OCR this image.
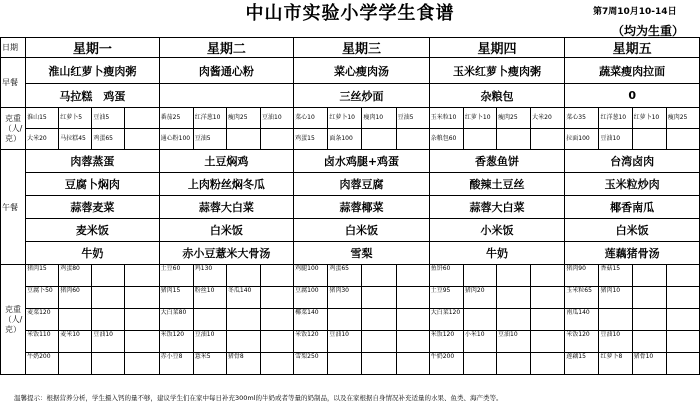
中山市实验小学学生食谱	第7周10月10-14日
（均为生重）
日期	星期一				星期二				星期三				星期四				星期五			
早餐	淮山红萝卜瘦肉粥				肉酱通心粉				菜心瘦肉汤				玉米红萝卜瘦肉粥				蔬菜瘦肉拉面			
	马拉糕　鸡蛋								三丝炒面				杂粮包				0			
克重（人/克）	淮山15	红萝卜5	豆油5		番茄25	红洋葱10	瘦肉25	豆油10	菜心10	红萝卜10	瘦肉10	豆油5	玉米粒10	红萝卜10	瘦肉25	大米20	菜心35	红洋葱10	红萝卜10	瘦肉25
	大米20	马拉糕45	鸡蛋65		通心粉100	豆油5			鸡蛋15	面条100			杂粮包60				拉面100	豆油10		
午餐	肉蓉蒸蛋				土豆焖鸡				卤水鸡腿+鸡蛋				香葱鱼饼				台湾卤肉			
	豆腐卜焖肉				上肉粉丝焖冬瓜				肉蓉豆腐				酸辣土豆丝				玉米粒炒肉			
	蒜蓉麦菜				蒜蓉大白菜				蒜蓉椰菜				蒜蓉大白菜				椰香南瓜			
	麦米饭				白米饭				白米饭				小米饭				白米饭			
	牛奶				赤小豆薏米大骨汤				雪梨				牛奶				莲藕猪骨汤			
克重（人/克）	猪肉15	鸡蛋80			土豆60	鸡130			鸡腿100	鸡蛋65			鱼饼60				猪肉90	香菇15		
	豆腐卜50	猪肉60			猪肉15	粉丝10	冬瓜140		豆腐100	猪肉30			土豆95	猪肉20			玉米粒65	猪肉10		
	麦菜120				大白菜80				椰菜140				大白菜120				南瓜140			
	米饭110	麦米10	豆油10		米饭120	豆油10			米饭120	豆油10			米饭120	小米10	豆油10		米饭120	豆油10		
	牛奶200				赤小豆8	薏米5	猪骨8		雪梨250				牛奶200				莲藕15	红萝卜8	猪骨10	
温馨提示：根据营养分析，学生摄入钙的量不够，建议学生们在家中每日补充300ml的牛奶或者等量的奶制品，以及在家根据自身情况补充适量的水果、鱼类、海产类等。
